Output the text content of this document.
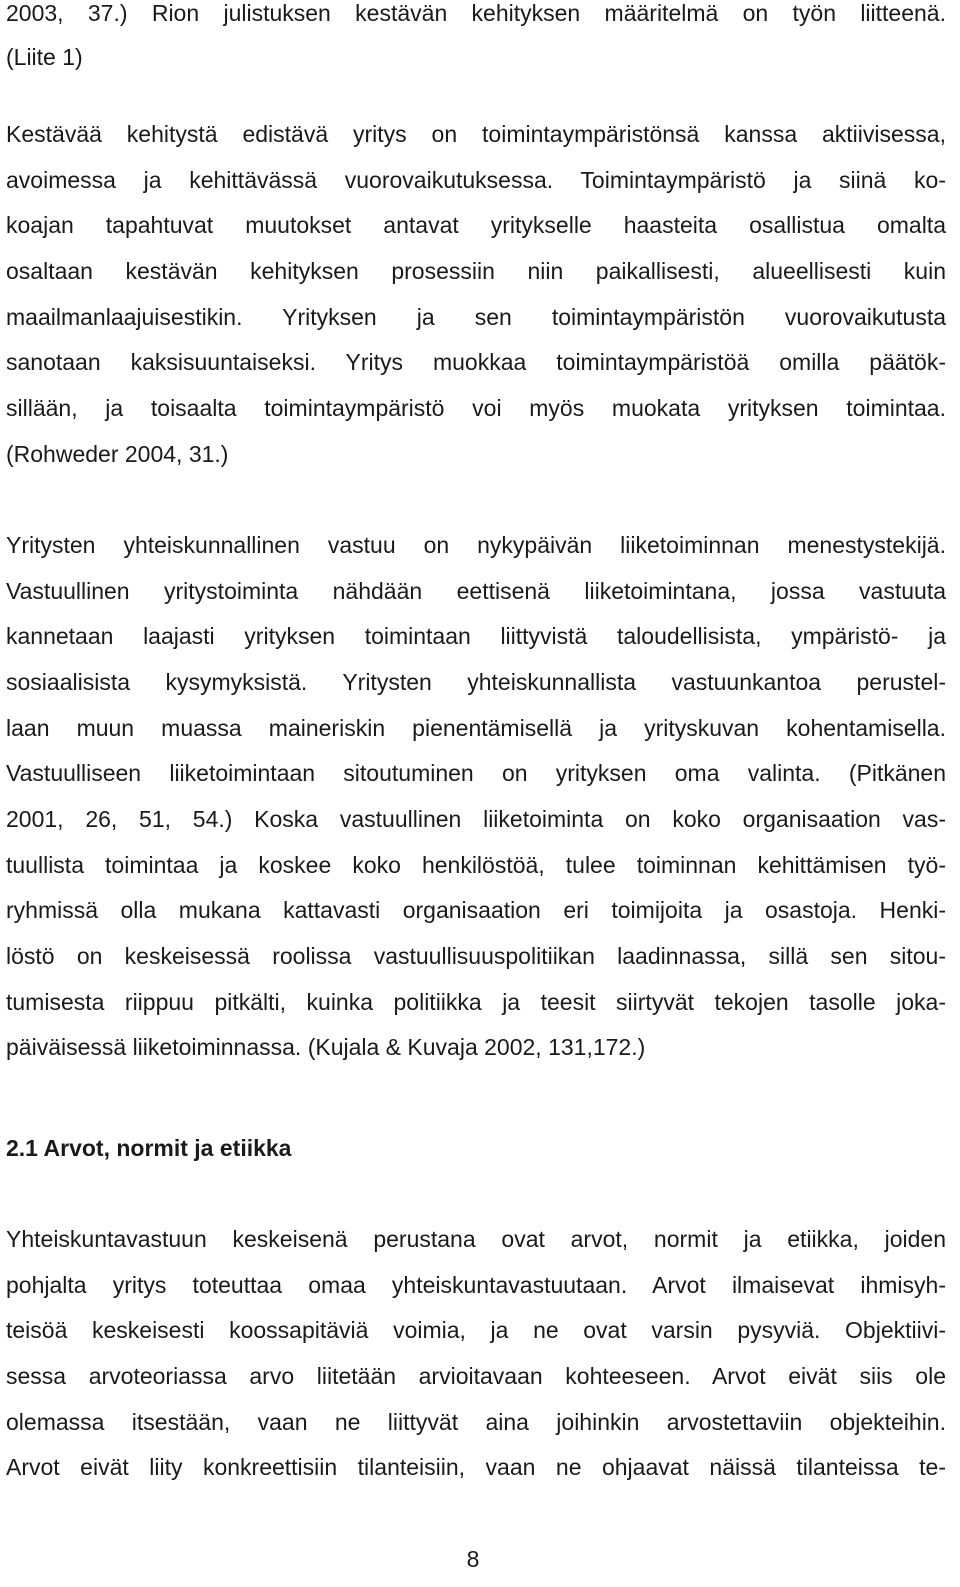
2003, 37.) Rion julistuksen kestävän kehityksen määritelmä on työn liitteenä.
(Liite 1)
Kestävää kehitystä edistävä yritys on toimintaympäristönsä kanssa aktiivisessa,
avoimessa ja kehittävässä vuorovaikutuksessa. Toimintaympäristö ja siinä ko-
koajan tapahtuvat muutokset antavat yritykselle haasteita osallistua omalta
osaltaan kestävän kehityksen prosessiin niin paikallisesti, alueellisesti kuin
maailmanlaajuisestikin. Yrityksen ja sen toimintaympäristön vuorovaikutusta
sanotaan kaksisuuntaiseksi. Yritys muokkaa toimintaympäristöä omilla päätök-
sillään, ja toisaalta toimintaympäristö voi myös muokata yrityksen toimintaa.
(Rohweder 2004, 31.)
Yritysten yhteiskunnallinen vastuu on nykypäivän liiketoiminnan menestystekijä.
Vastuullinen yritystoiminta nähdään eettisenä liiketoimintana, jossa vastuuta
kannetaan laajasti yrityksen toimintaan liittyvistä taloudellisista, ympäristö- ja
sosiaalisista kysymyksistä. Yritysten yhteiskunnallista vastuunkantoa perustel-
laan muun muassa maineriskin pienentämisellä ja yrityskuvan kohentamisella.
Vastuulliseen liiketoimintaan sitoutuminen on yrityksen oma valinta. (Pitkänen
2001, 26, 51, 54.) Koska vastuullinen liiketoiminta on koko organisaation vas-
tuullista toimintaa ja koskee koko henkilöstöä, tulee toiminnan kehittämisen työ-
ryhmissä olla mukana kattavasti organisaation eri toimijoita ja osastoja. Henki-
löstö on keskeisessä roolissa vastuullisuuspolitiikan laadinnassa, sillä sen sitou-
tumisesta riippuu pitkälti, kuinka politiikka ja teesit siirtyvät tekojen tasolle joka-
päiväisessä liiketoiminnassa. (Kujala & Kuvaja 2002, 131,172.)
2.1 Arvot, normit ja etiikka
Yhteiskuntavastuun keskeisenä perustana ovat arvot, normit ja etiikka, joiden
pohjalta yritys toteuttaa omaa yhteiskuntavastuutaan. Arvot ilmaisevat ihmisyh-
teisöä keskeisesti koossapitäviä voimia, ja ne ovat varsin pysyviä. Objektiivi-
sessa arvoteoriassa arvo liitetään arvioitavaan kohteeseen. Arvot eivät siis ole
olemassa itsestään, vaan ne liittyvät aina joihinkin arvostettaviin objekteihin.
Arvot eivät liity konkreettisiin tilanteisiin, vaan ne ohjaavat näissä tilanteissa te-
8
